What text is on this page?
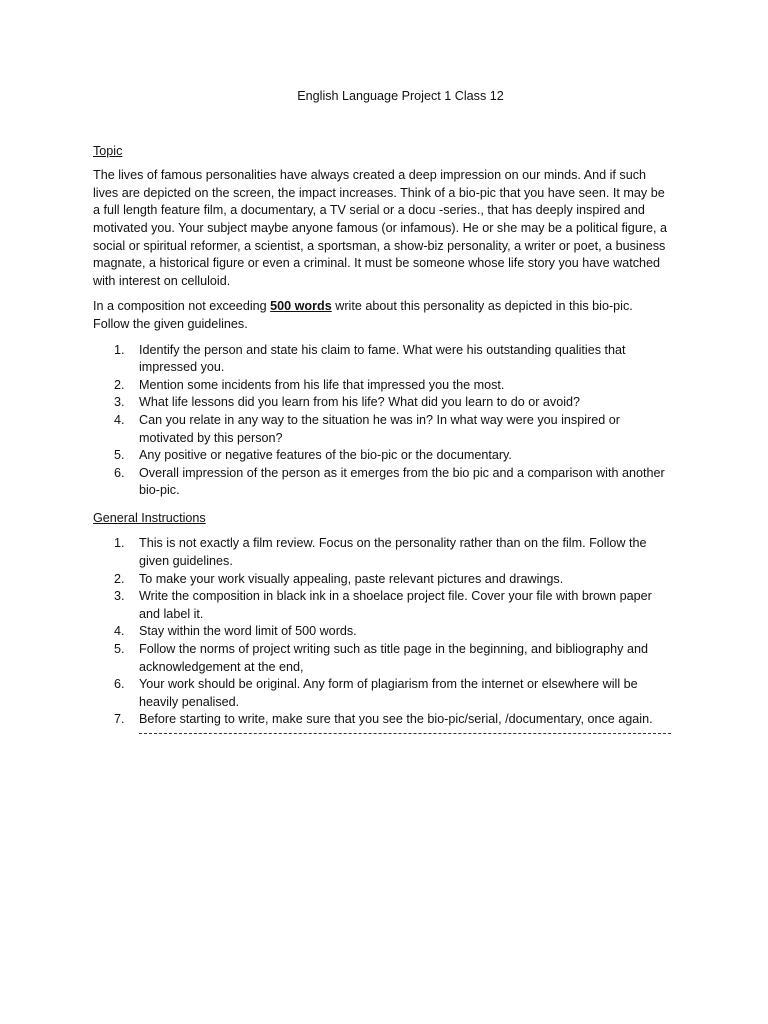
English Language Project 1 Class 12

Topic

The lives of famous personalities have always created a deep impression on our minds. And if such lives are depicted on the screen, the impact increases. Think of a bio-pic that you have seen. It may be a full length feature film, a documentary, a TV serial or a docu -series., that has deeply inspired and motivated you. Your subject maybe anyone famous (or infamous). He or she may be a political figure, a social or spiritual reformer, a scientist, a sportsman, a show-biz personality, a writer or poet, a business magnate, a historical figure or even a criminal. It must be someone whose life story you have watched with interest on celluloid.

In a composition not exceeding 500 words write about this personality as depicted in this bio-pic. Follow the given guidelines.

1. Identify the person and state his claim to fame. What were his outstanding qualities that impressed you.
2. Mention some incidents from his life that impressed you the most.
3. What life lessons did you learn from his life? What did you learn to do or avoid?
4. Can you relate in any way to the situation he was in? In what way were you inspired or motivated by this person?
5. Any positive or negative features of the bio-pic or the documentary.
6. Overall impression of the person as it emerges from the bio pic and a comparison with another bio-pic.

General Instructions

1. This is not exactly a film review. Focus on the personality rather than on the film. Follow the given guidelines.
2. To make your work visually appealing, paste relevant pictures and drawings.
3. Write the composition in black ink in a shoelace project file. Cover your file with brown paper and label it.
4. Stay within the word limit of 500 words.
5. Follow the norms of project writing such as title page in the beginning, and bibliography and acknowledgement at the end,
6. Your work should be original. Any form of plagiarism from the internet or elsewhere will be heavily penalised.
7. Before starting to write, make sure that you see the bio-pic/serial, /documentary, once again.
